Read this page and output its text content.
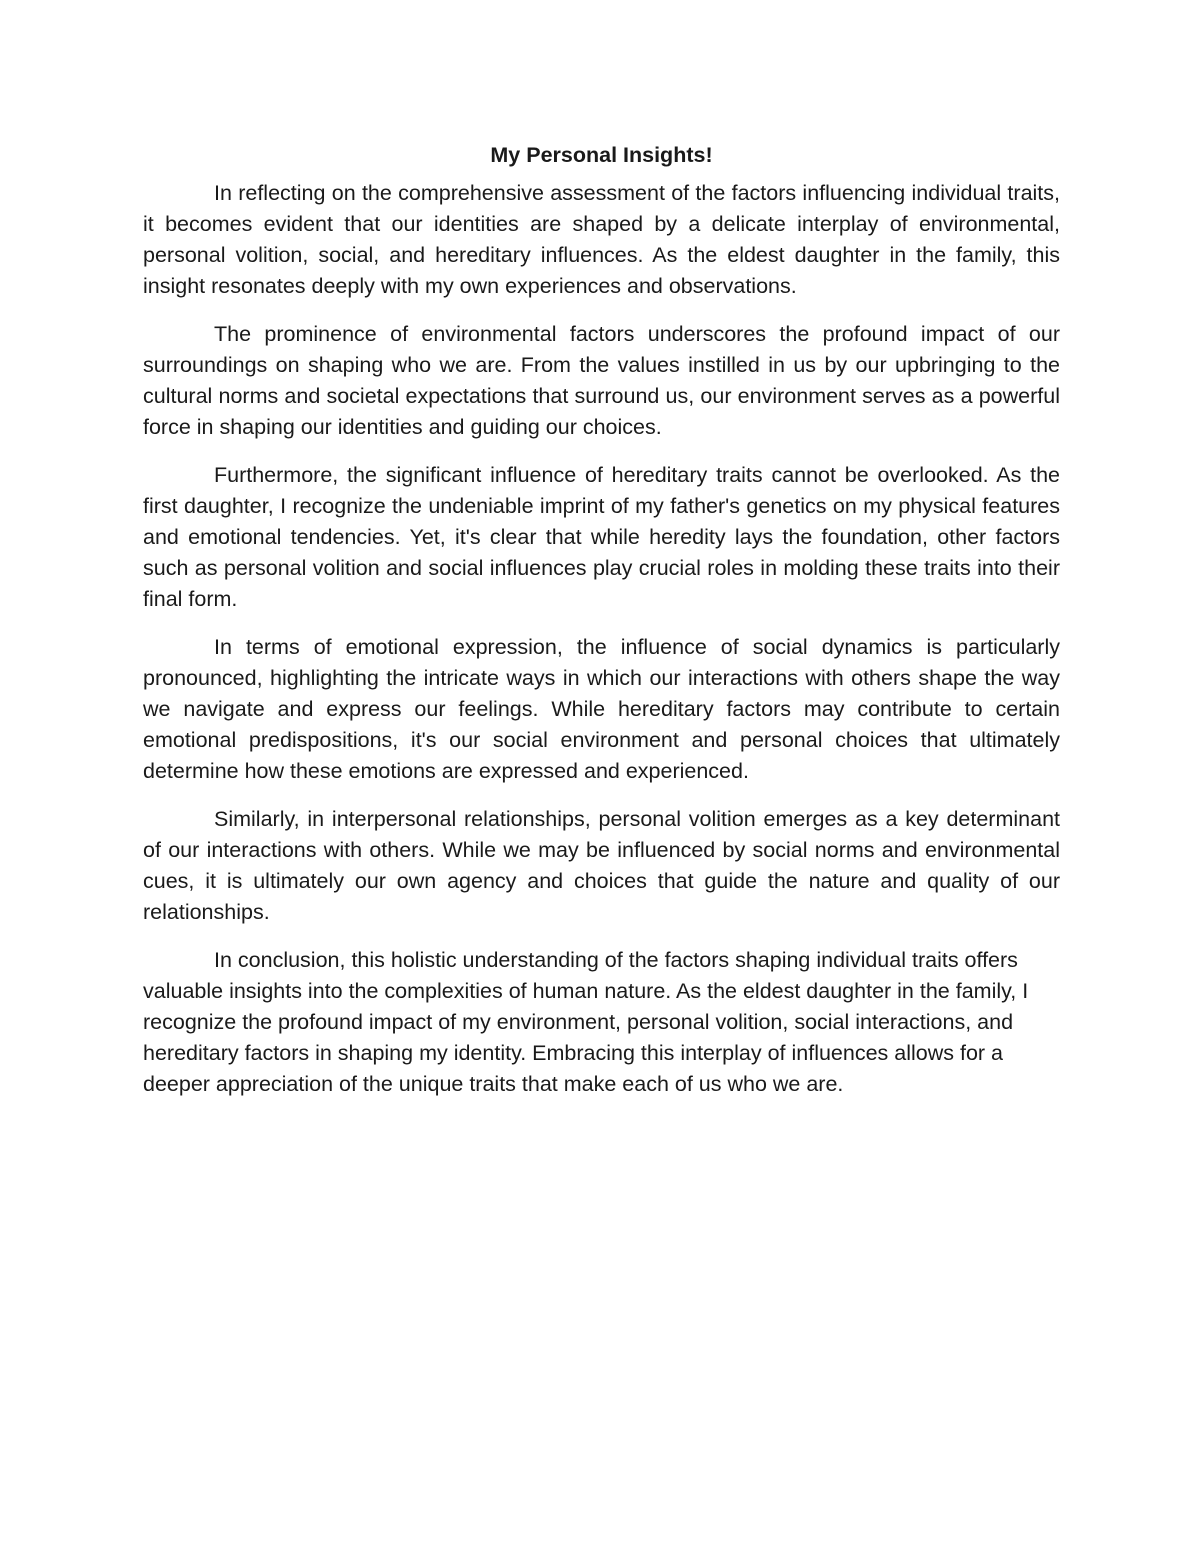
My Personal Insights!

In reflecting on the comprehensive assessment of the factors influencing individual traits, it becomes evident that our identities are shaped by a delicate interplay of environmental, personal volition, social, and hereditary influences. As the eldest daughter in the family, this insight resonates deeply with my own experiences and observations.

The prominence of environmental factors underscores the profound impact of our surroundings on shaping who we are. From the values instilled in us by our upbringing to the cultural norms and societal expectations that surround us, our environment serves as a powerful force in shaping our identities and guiding our choices.

Furthermore, the significant influence of hereditary traits cannot be overlooked. As the first daughter, I recognize the undeniable imprint of my father's genetics on my physical features and emotional tendencies. Yet, it's clear that while heredity lays the foundation, other factors such as personal volition and social influences play crucial roles in molding these traits into their final form.

In terms of emotional expression, the influence of social dynamics is particularly pronounced, highlighting the intricate ways in which our interactions with others shape the way we navigate and express our feelings. While hereditary factors may contribute to certain emotional predispositions, it's our social environment and personal choices that ultimately determine how these emotions are expressed and experienced.

Similarly, in interpersonal relationships, personal volition emerges as a key determinant of our interactions with others. While we may be influenced by social norms and environmental cues, it is ultimately our own agency and choices that guide the nature and quality of our relationships.

In conclusion, this holistic understanding of the factors shaping individual traits offers valuable insights into the complexities of human nature. As the eldest daughter in the family, I recognize the profound impact of my environment, personal volition, social interactions, and hereditary factors in shaping my identity. Embracing this interplay of influences allows for a deeper appreciation of the unique traits that make each of us who we are.
